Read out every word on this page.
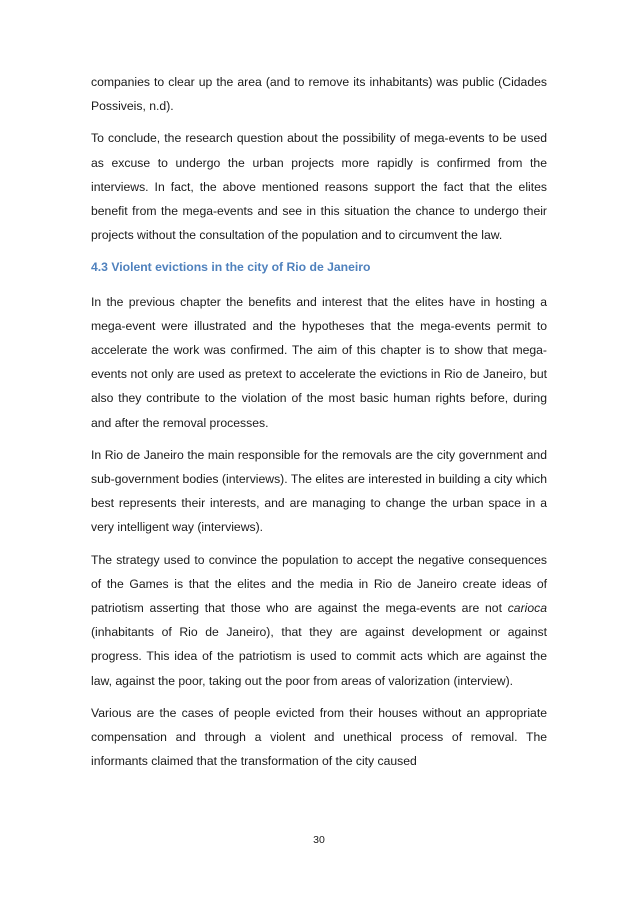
companies to clear up the area (and to remove its inhabitants) was public (Cidades Possiveis, n.d).

To conclude, the research question about the possibility of mega-events to be used as excuse to undergo the urban projects more rapidly is confirmed from the interviews. In fact, the above mentioned reasons support the fact that the elites benefit from the mega-events and see in this situation the chance to undergo their projects without the consultation of the population and to circumvent the law.

4.3 Violent evictions in the city of Rio de Janeiro

In the previous chapter the benefits and interest that the elites have in hosting a mega-event were illustrated and the hypotheses that the mega-events permit to accelerate the work was confirmed. The aim of this chapter is to show that mega-events not only are used as pretext to accelerate the evictions in Rio de Janeiro, but also they contribute to the violation of the most basic human rights before, during and after the removal processes.

In Rio de Janeiro the main responsible for the removals are the city government and sub-government bodies (interviews). The elites are interested in building a city which best represents their interests, and are managing to change the urban space in a very intelligent way (interviews).

The strategy used to convince the population to accept the negative consequences of the Games is that the elites and the media in Rio de Janeiro create ideas of patriotism asserting that those who are against the mega-events are not carioca (inhabitants of Rio de Janeiro), that they are against development or against progress. This idea of the patriotism is used to commit acts which are against the law, against the poor, taking out the poor from areas of valorization (interview).

Various are the cases of people evicted from their houses without an appropriate compensation and through a violent and unethical process of removal. The informants claimed that the transformation of the city caused

30
